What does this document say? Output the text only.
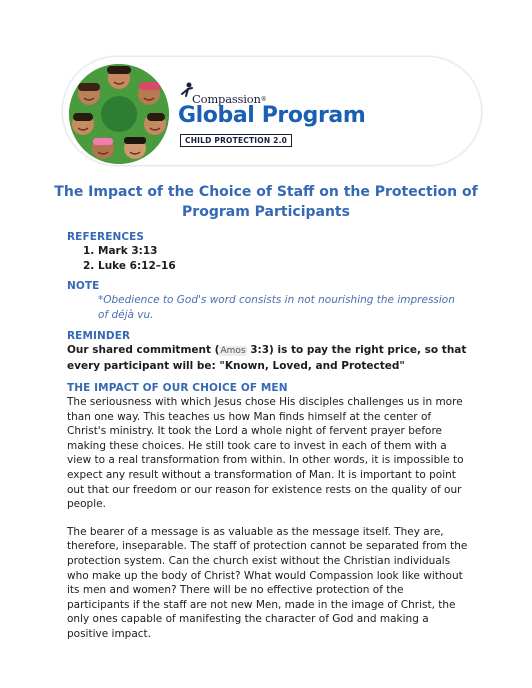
Compassion ®
Global Program
CHILD PROTECTION 2.0
The Impact of the Choice of Staff on the Protection of Program Participants
REFERENCES
1. Mark 3:13
2. Luke 6:12–16
NOTE
*Obedience to God's word consists in not nourishing the impression of déjà vu.
REMINDER
Our shared commitment (Amos 3:3) is to pay the right price, so that every participant will be: "Known, Loved, and Protected"
THE IMPACT OF OUR CHOICE OF MEN

The seriousness with which Jesus chose His disciples challenges us in more than one way. This teaches us how Man finds himself at the center of Christ's ministry. It took the Lord a whole night of fervent prayer before making these choices. He still took care to invest in each of them with a view to a real transformation from within. In other words, it is impossible to expect any result without a transformation of Man. It is important to point out that our freedom or our reason for existence rests on the quality of our people.

The bearer of a message is as valuable as the message itself. They are, therefore, inseparable. The staff of protection cannot be separated from the protection system. Can the church exist without the Christian individuals who make up the body of Christ? What would Compassion look like without its men and women? There will be no effective protection of the participants if the staff are not new Men, made in the image of Christ, the only ones capable of manifesting the character of God and making a positive impact.
